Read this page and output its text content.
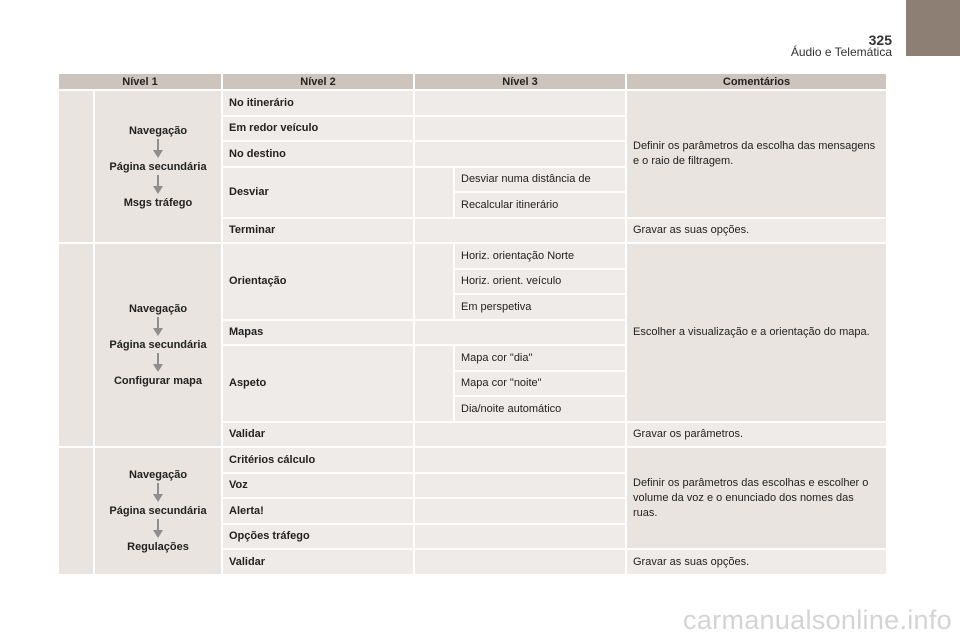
325
Áudio e Telemática
Nível 1		Nível 2	Nível 3		Comentários

	Navegação
Página secundária
Msgs tráfego	No itinerário			Definir os parâmetros da escolha das mensagens e o raio de filtragem.
		Em redor veículo			
		No destino			
		Desviar		Desviar numa distância de	
				Recalcular itinerário	
		Terminar			Gravar as suas opções.

	Navegação
Página secundária
Configurar mapa	Orientação		Horiz. orientação Norte	Escolher a visualização e a orientação do mapa.
				Horiz. orient. veículo	
				Em perspetiva	
		Mapas			
		Aspeto		Mapa cor "dia"	
				Mapa cor "noite"	
				Dia/noite automático	
		Validar			Gravar os parâmetros.

	Navegação
Página secundária
Regulações	Critérios cálculo			Definir os parâmetros das escolhas e escolher o volume da voz e o enunciado dos nomes das ruas.
		Voz			
		Alerta!			
		Opções tráfego			
		Validar			Gravar as suas opções.
carmanualsonline.info
